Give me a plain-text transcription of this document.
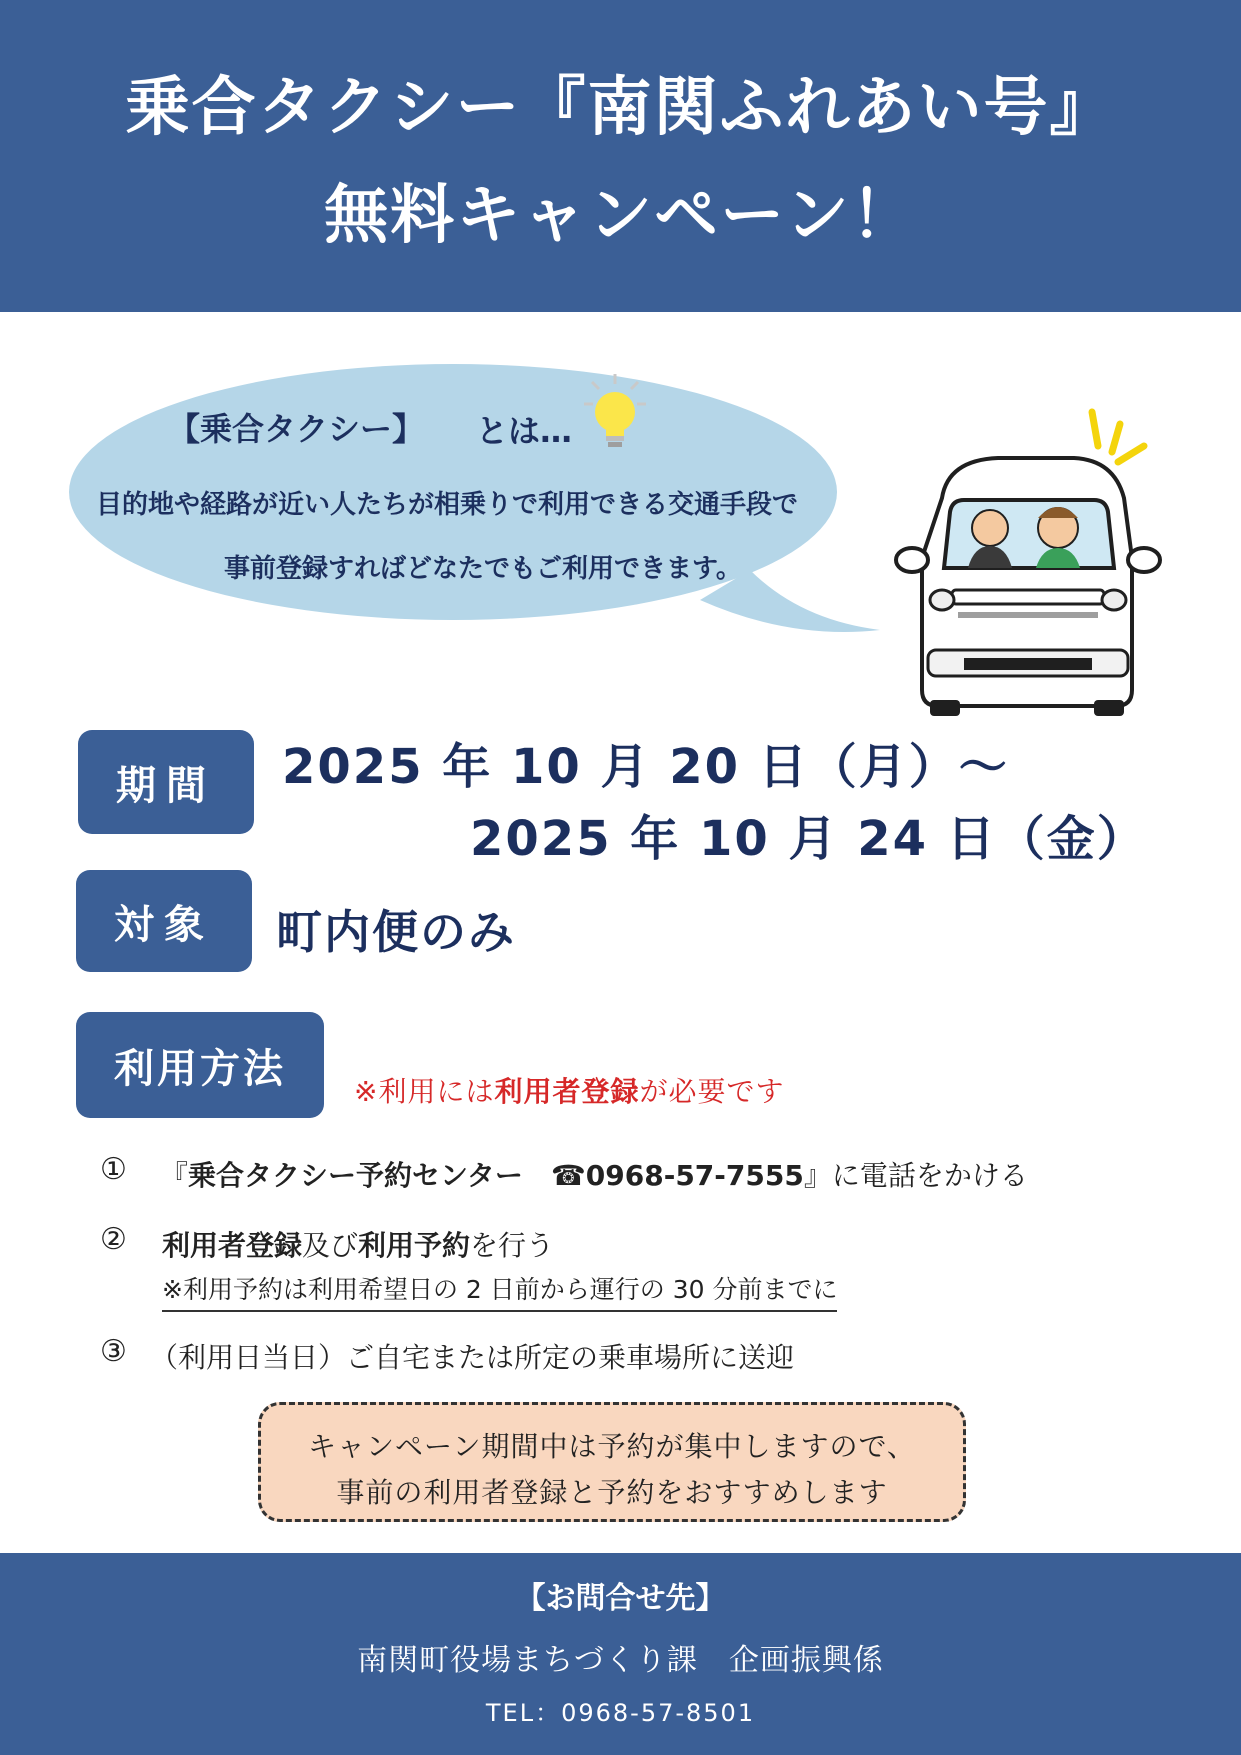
乗合タクシー『南関ふれあい号』
無料キャンペーン！
【乗合タクシー】 とは…
目的地や経路が近い人たちが相乗りで利用できる交通手段で
事前登録すればどなたでもご利用できます。
期間 2025 年 10 月 20 日（月）～
2025 年 10 月 24 日（金）
対象 町内便のみ
利用方法 ※利用には利用者登録が必要です
① 『乗合タクシー予約センター　☎0968-57-7555』に電話をかける
② 利用者登録及び利用予約を行う
※利用予約は利用希望日の 2 日前から運行の 30 分前までに
③ （利用日当日）ご自宅または所定の乗車場所に送迎
キャンペーン期間中は予約が集中しますので、
事前の利用者登録と予約をおすすめします
【お問合せ先】
南関町役場まちづくり課　企画振興係
TEL：0968-57-8501
